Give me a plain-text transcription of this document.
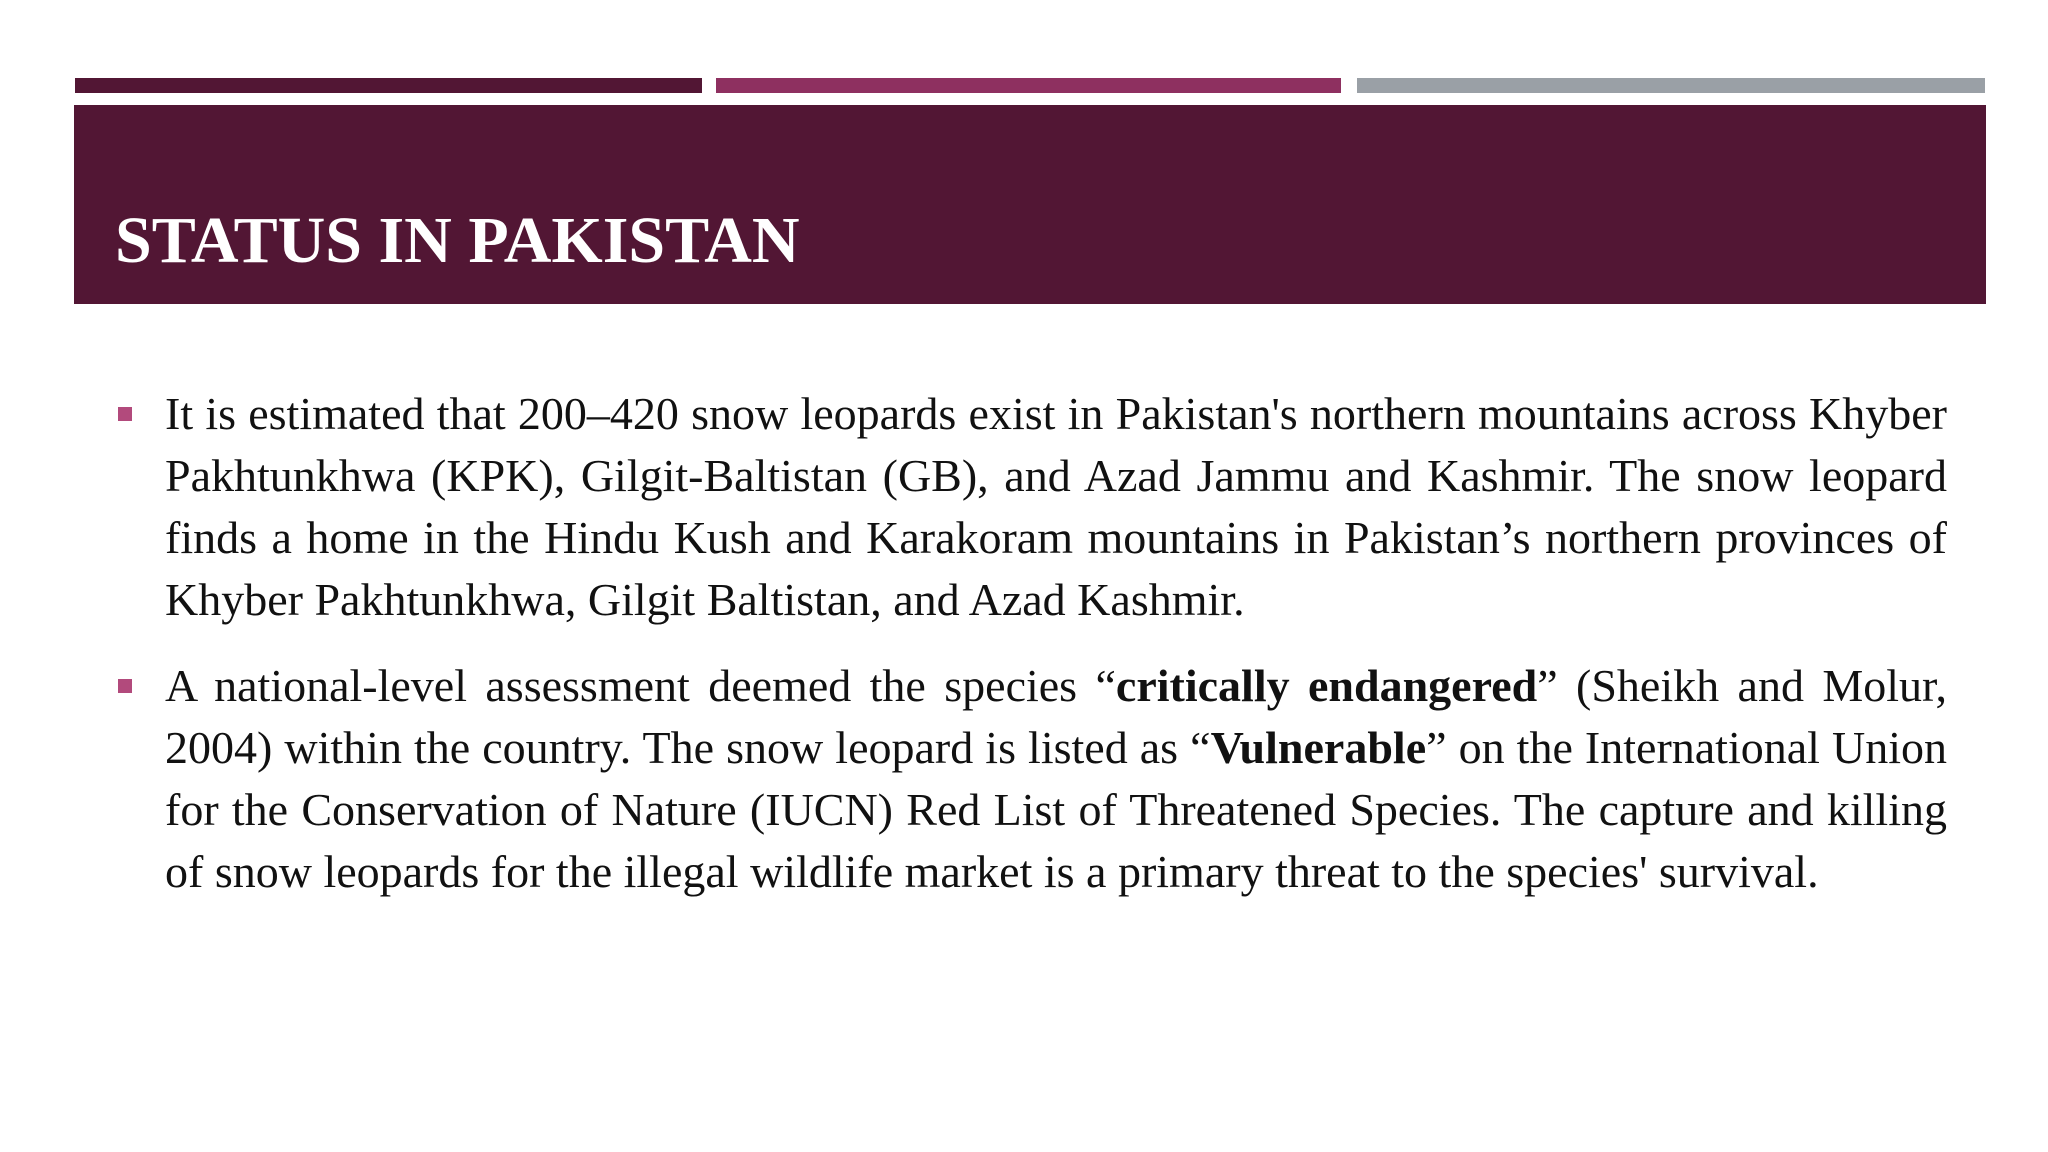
STATUS IN PAKISTAN

It is estimated that 200–420 snow leopards exist in Pakistan's northern mountains across Khyber Pakhtunkhwa (KPK), Gilgit-Baltistan (GB), and Azad Jammu and Kashmir. The snow leopard finds a home in the Hindu Kush and Karakoram mountains in Pakistan’s northern provinces of Khyber Pakhtunkhwa, Gilgit Baltistan, and Azad Kashmir.

A national-level assessment deemed the species “critically endangered” (Sheikh and Molur, 2004) within the country. The snow leopard is listed as “Vulnerable” on the International Union for the Conservation of Nature (IUCN) Red List of Threatened Species. The capture and killing of snow leopards for the illegal wildlife market is a primary threat to the species' survival.
